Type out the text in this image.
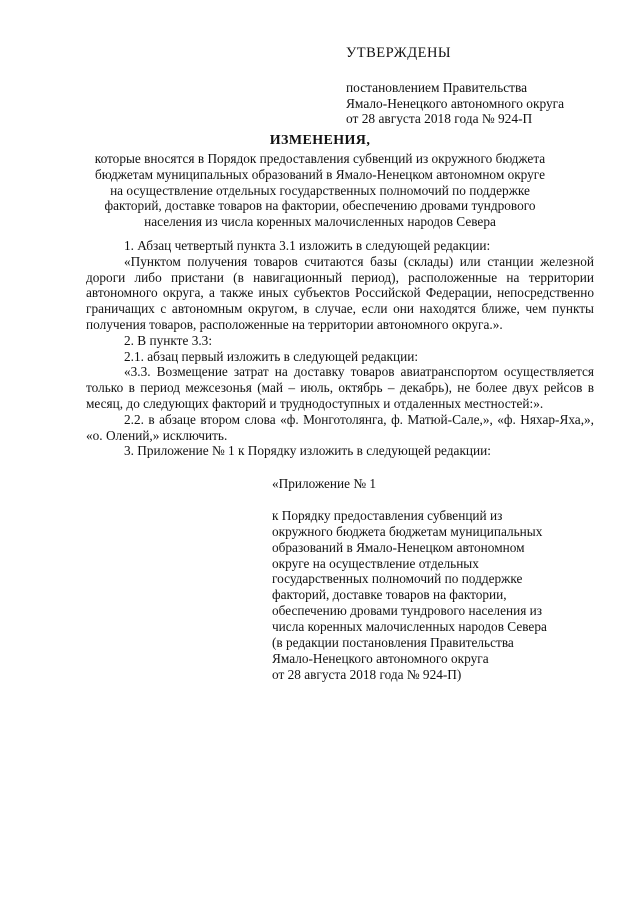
УТВЕРЖДЕНЫ
постановлением Правительства
Ямало-Ненецкого автономного округа
от 28 августа 2018 года № 924-П
ИЗМЕНЕНИЯ,
которые вносятся в Порядок предоставления субвенций из окружного бюджета
бюджетам муниципальных образований в Ямало-Ненецком автономном округе
на осуществление отдельных государственных полномочий по поддержке
факторий, доставке товаров на фактории, обеспечению дровами тундрового
населения из числа коренных малочисленных народов Севера
1. Абзац четвертый пункта 3.1 изложить в следующей редакции:
«Пунктом получения товаров считаются базы (склады) или станции железной дороги либо пристани (в навигационный период), расположенные на территории автономного округа, а также иных субъектов Российской Федерации, непосредственно граничащих с автономным округом, в случае, если они находятся ближе, чем пункты получения товаров, расположенные на территории автономного округа.».
2. В пункте 3.3:
2.1. абзац первый изложить в следующей редакции:
«3.3. Возмещение затрат на доставку товаров авиатранспортом осуществляется только в период межсезонья (май – июль, октябрь – декабрь), не более двух рейсов в месяц, до следующих факторий и труднодоступных и отдаленных местностей:».
2.2. в абзаце втором слова «ф. Монготолянга, ф. Матюй-Сале,», «ф. Няхар-Яха,», «о. Олений,» исключить.
3. Приложение № 1 к Порядку изложить в следующей редакции:
«Приложение № 1
к Порядку предоставления субвенций из
окружного бюджета бюджетам муниципальных
образований в Ямало-Ненецком автономном
округе на осуществление отдельных
государственных полномочий по поддержке
факторий, доставке товаров на фактории,
обеспечению дровами тундрового населения из
числа коренных малочисленных народов Севера
(в редакции постановления Правительства
Ямало-Ненецкого автономного округа
от 28 августа 2018 года № 924-П)
